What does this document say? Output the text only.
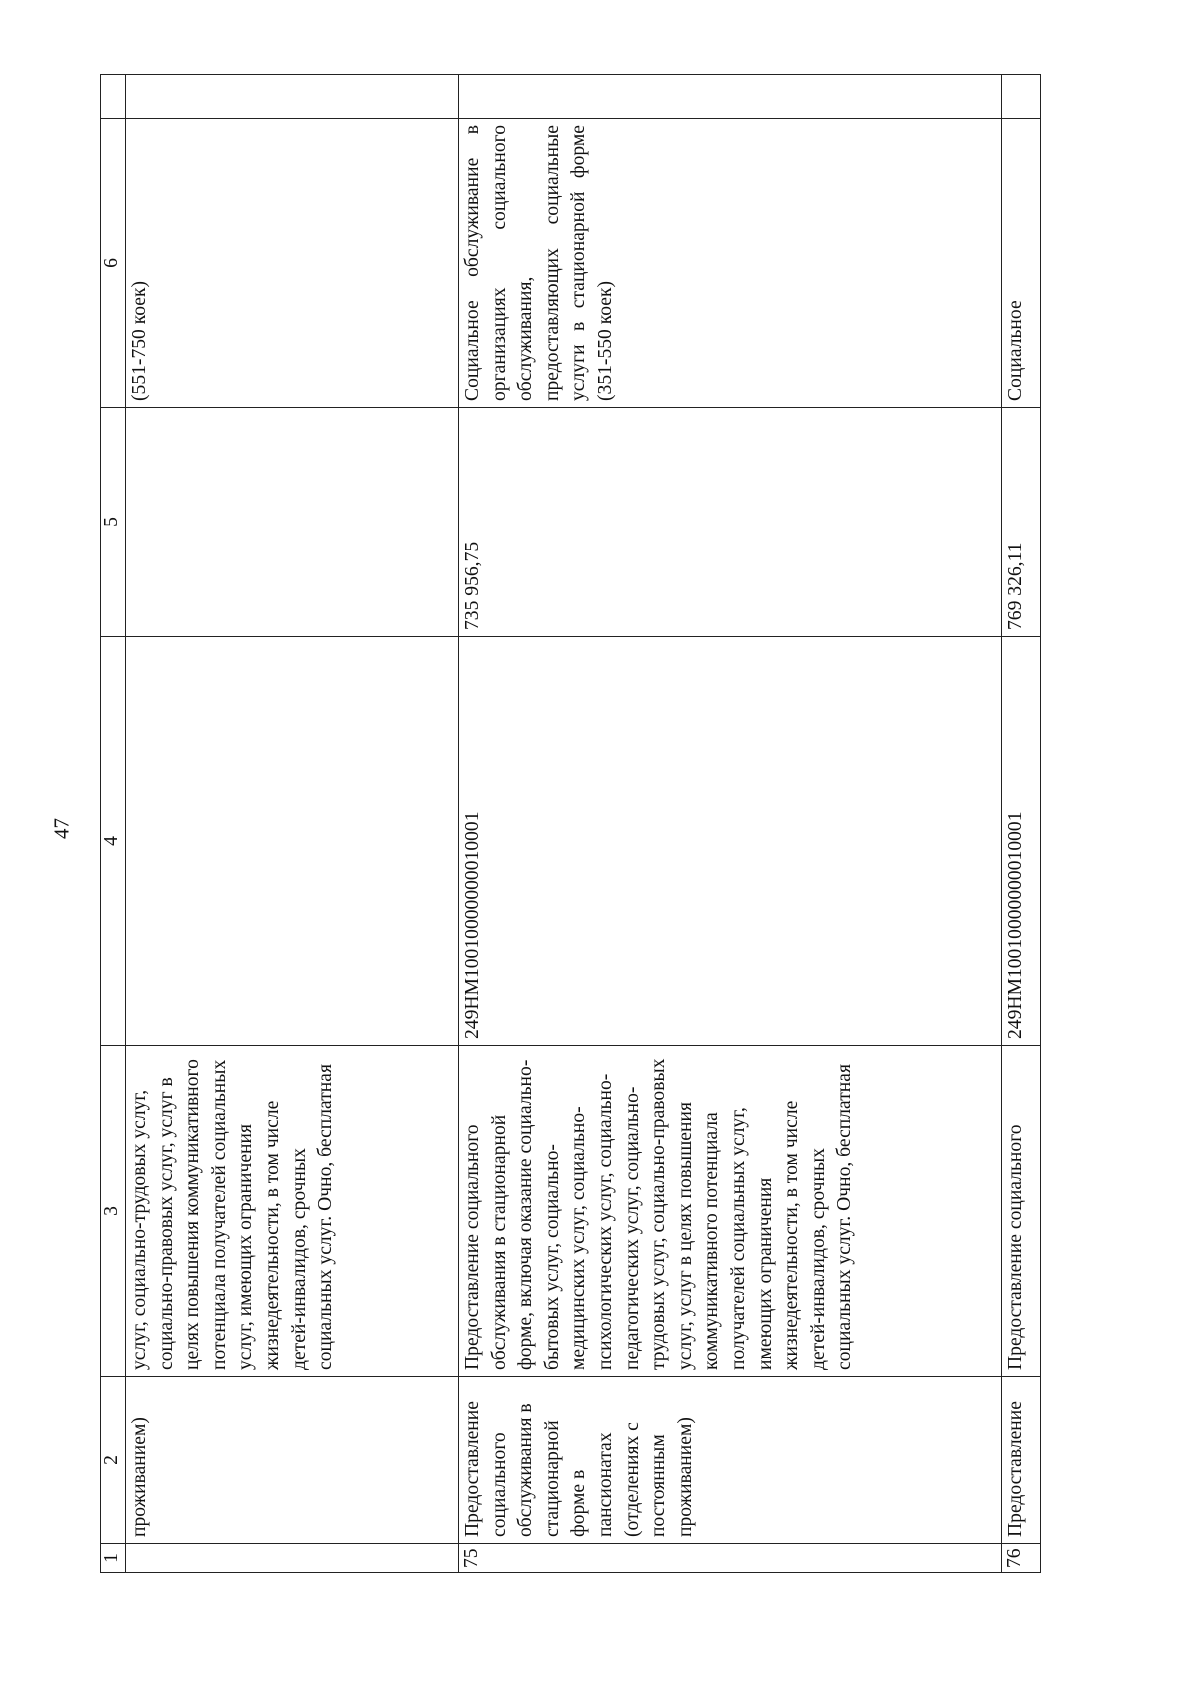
47
1	2	3	4	5	6	
	проживанием)	услуг, социально-трудовых услуг, социально-правовых услуг, услуг в целях повышения коммуникативного потенциала получателей социальных услуг, имеющих ограничения жизнедеятельности, в том числе детей-инвалидов, срочных социальных услуг. Очно, бесплатная			(551-750 коек)	
75	Предоставление социального обслуживания в стационарной форме в пансионатах (отделениях с постоянным проживанием)	Предоставление социального обслуживания в стационарной форме, включая оказание социально-бытовых услуг, социально-медицинских услуг, социально-психологических услуг, социально-педагогических услуг, социально-трудовых услуг, социально-правовых услуг, услуг в целях повышения коммуникативного потенциала получателей социальных услуг, имеющих ограничения жизнедеятельности, в том числе детей-инвалидов, срочных социальных услуг. Очно, бесплатная	249НМ10010000000010001	735 956,75	Социальное обслуживание в организациях социального обслуживания, предоставляющих социальные услуги в стационарной форме (351-550 коек)	
76	Предоставление	Предоставление социального	249НМ10010000000010001	769 326,11	Социальное	
